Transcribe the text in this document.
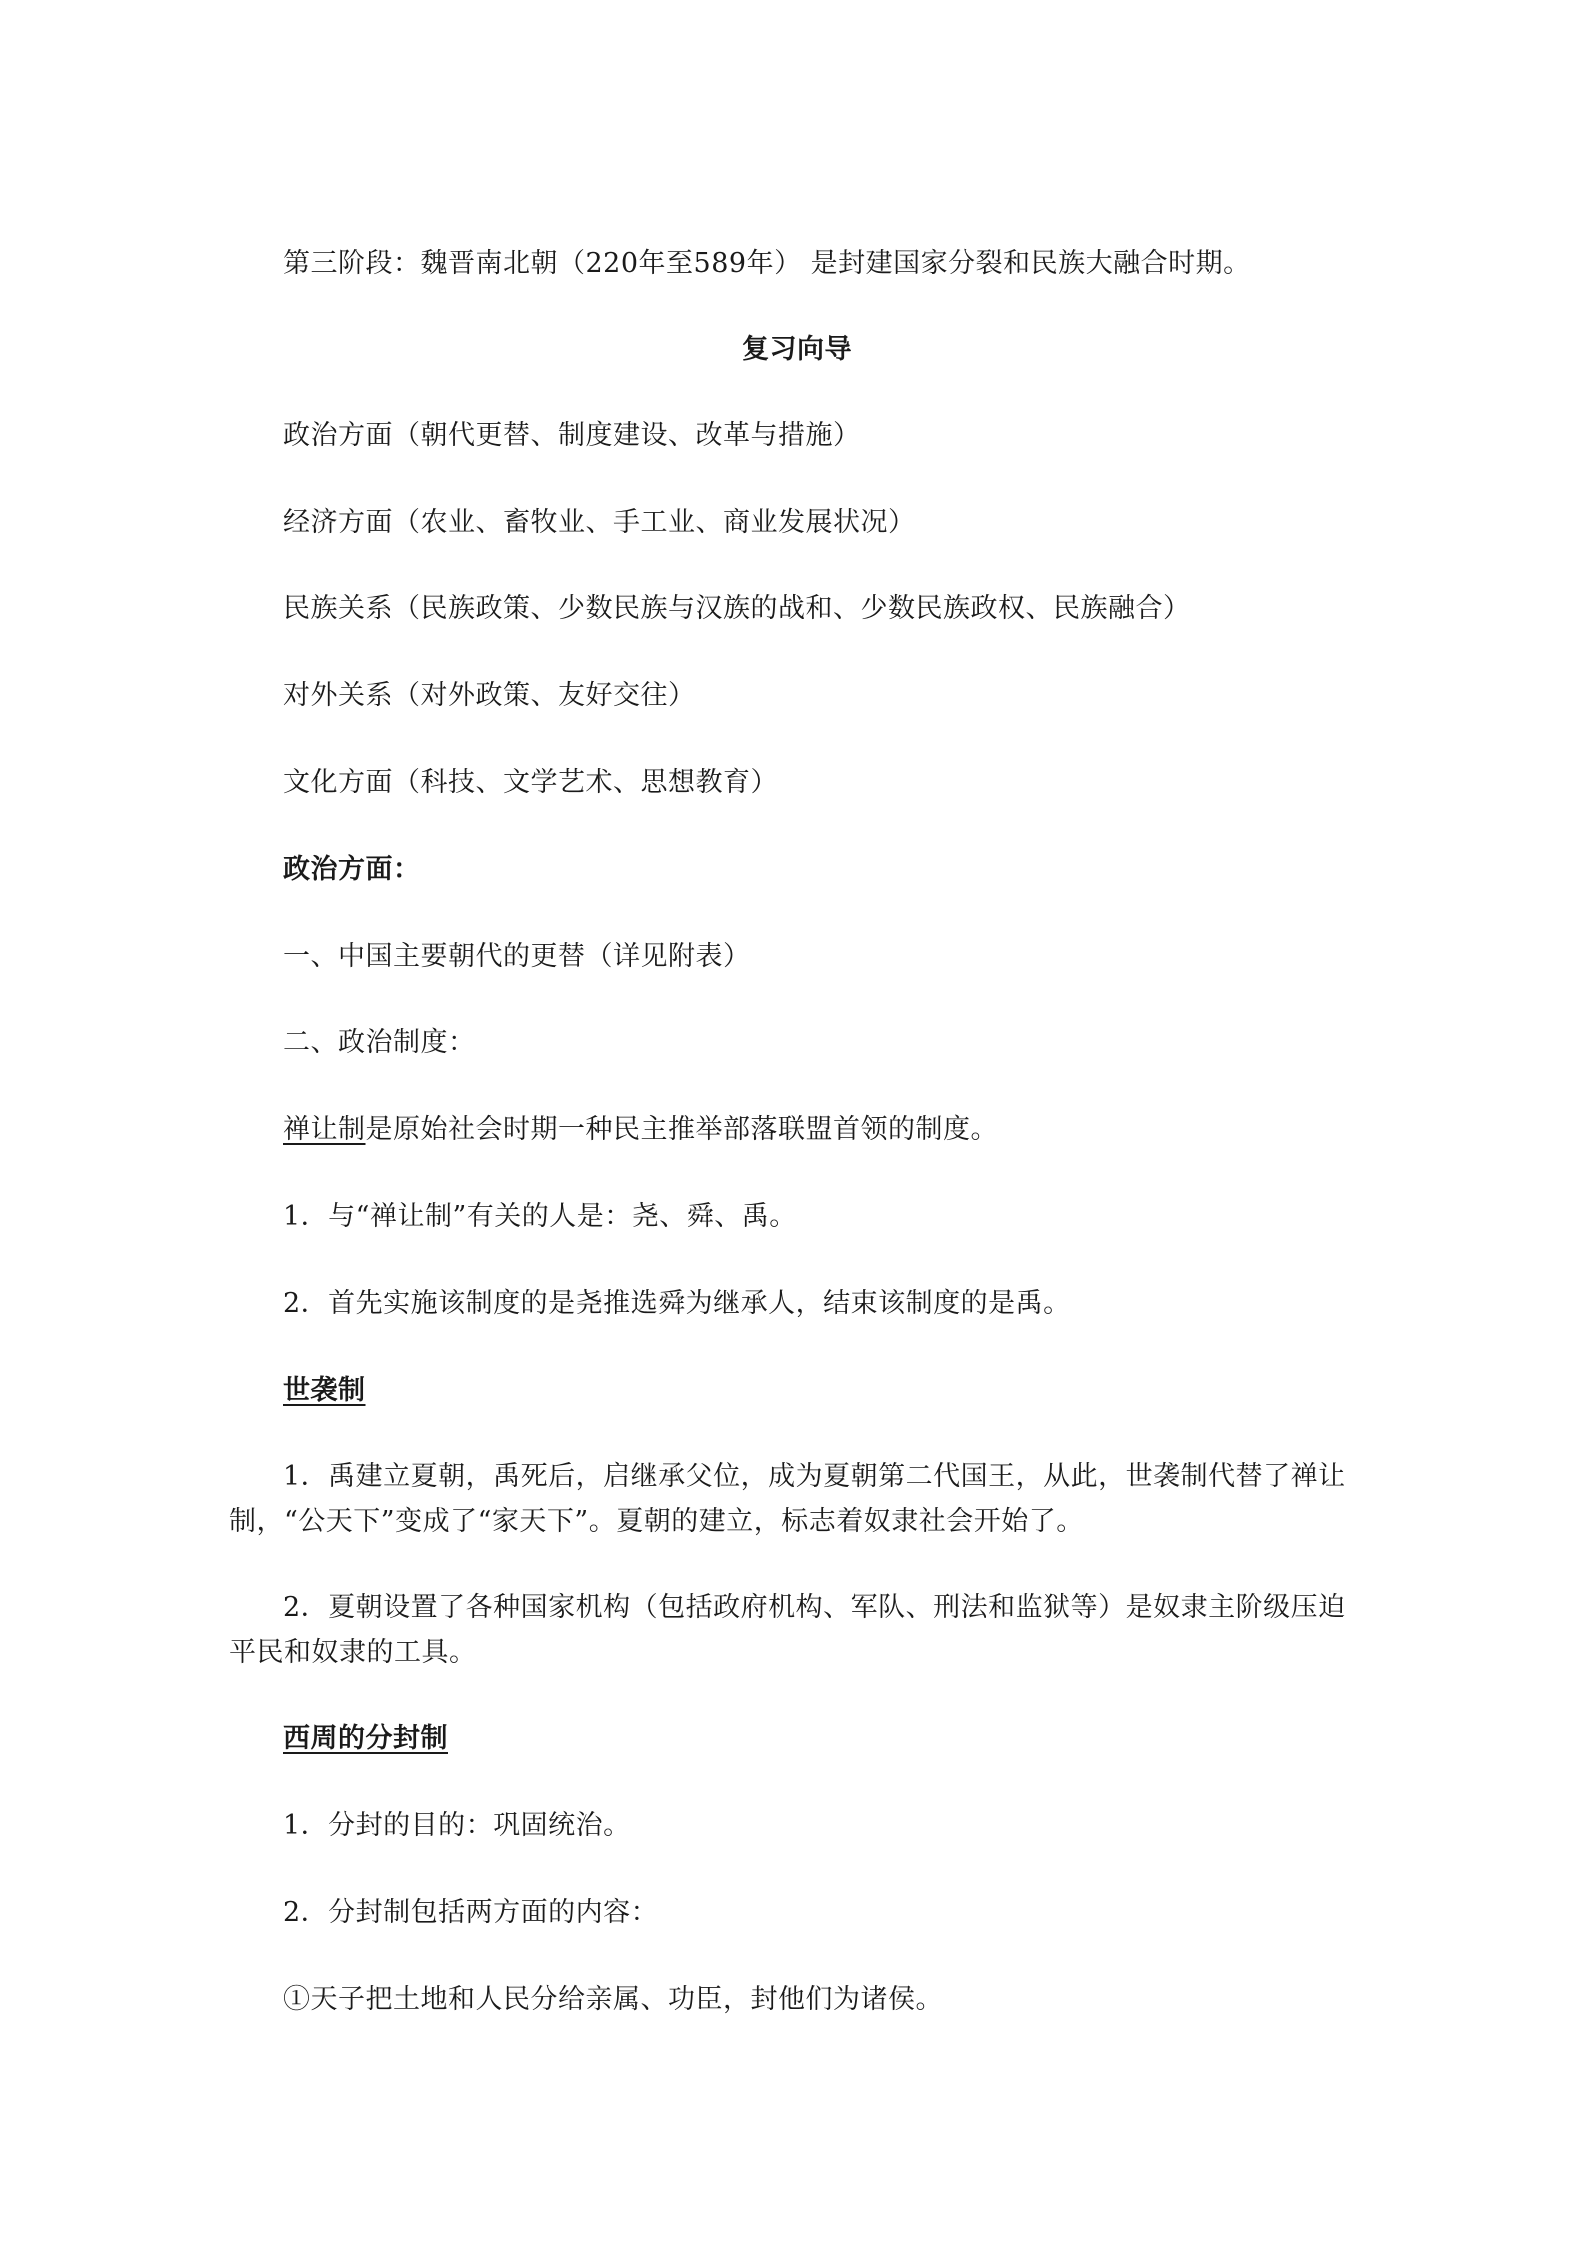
第三阶段：魏晋南北朝（220年至589年） 是封建国家分裂和民族大融合时期。
复习向导
政治方面（朝代更替、制度建设、改革与措施）
经济方面（农业、畜牧业、手工业、商业发展状况）
民族关系（民族政策、少数民族与汉族的战和、少数民族政权、民族融合）
对外关系（对外政策、友好交往）
文化方面（科技、文学艺术、思想教育）
政治方面：
一、中国主要朝代的更替（详见附表）
二、政治制度：
禅让制是原始社会时期一种民主推举部落联盟首领的制度。
1．与“禅让制”有关的人是：尧、舜、禹。
2．首先实施该制度的是尧推选舜为继承人，结束该制度的是禹。
世袭制
1．禹建立夏朝，禹死后，启继承父位，成为夏朝第二代国王，从此，世袭制代替了禅让
制，“公天下”变成了“家天下”。夏朝的建立，标志着奴隶社会开始了。
2．夏朝设置了各种国家机构（包括政府机构、军队、刑法和监狱等）是奴隶主阶级压迫
平民和奴隶的工具。
西周的分封制
1．分封的目的：巩固统治。
2．分封制包括两方面的内容：
①天子把土地和人民分给亲属、功臣，封他们为诸侯。
